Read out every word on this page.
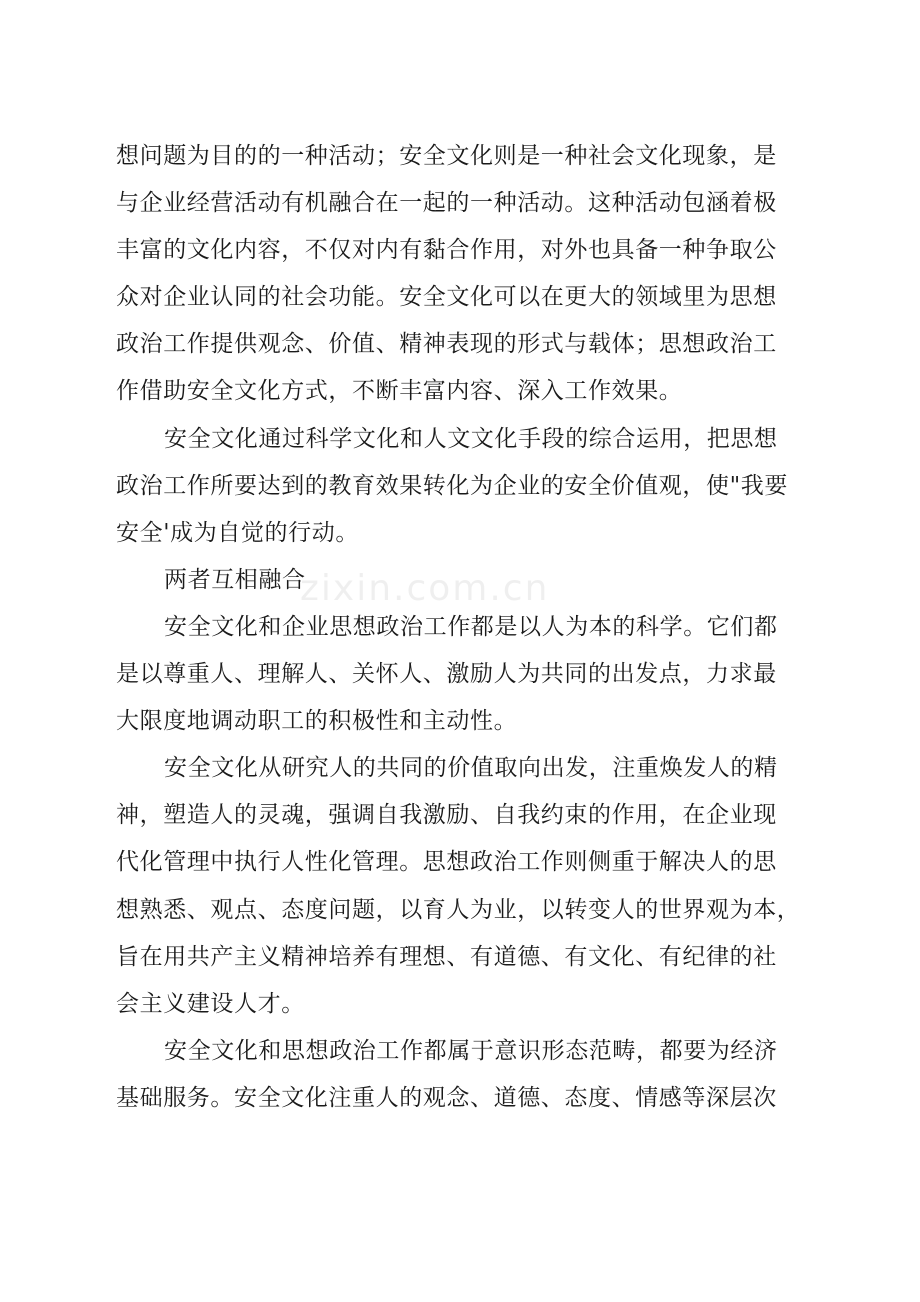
zixin.com.cn
想问题为目的的一种活动；安全文化则是一种社会文化现象，是
与企业经营活动有机融合在一起的一种活动。这种活动包涵着极
丰富的文化内容，不仅对内有黏合作用，对外也具备一种争取公
众对企业认同的社会功能。安全文化可以在更大的领域里为思想
政治工作提供观念、价值、精神表现的形式与载体；思想政治工
作借助安全文化方式，不断丰富内容、深入工作效果。
安全文化通过科学文化和人文文化手段的综合运用，把思想
政治工作所要达到的教育效果转化为企业的安全价值观，使"我要
安全'成为自觉的行动。
两者互相融合
安全文化和企业思想政治工作都是以人为本的科学。它们都
是以尊重人、理解人、关怀人、激励人为共同的出发点，力求最
大限度地调动职工的积极性和主动性。
安全文化从研究人的共同的价值取向出发，注重焕发人的精
神，塑造人的灵魂，强调自我激励、自我约束的作用，在企业现
代化管理中执行人性化管理。思想政治工作则侧重于解决人的思
想熟悉、观点、态度问题，以育人为业，以转变人的世界观为本，
旨在用共产主义精神培养有理想、有道德、有文化、有纪律的社
会主义建设人才。
安全文化和思想政治工作都属于意识形态范畴，都要为经济
基础服务。安全文化注重人的观念、道德、态度、情感等深层次
